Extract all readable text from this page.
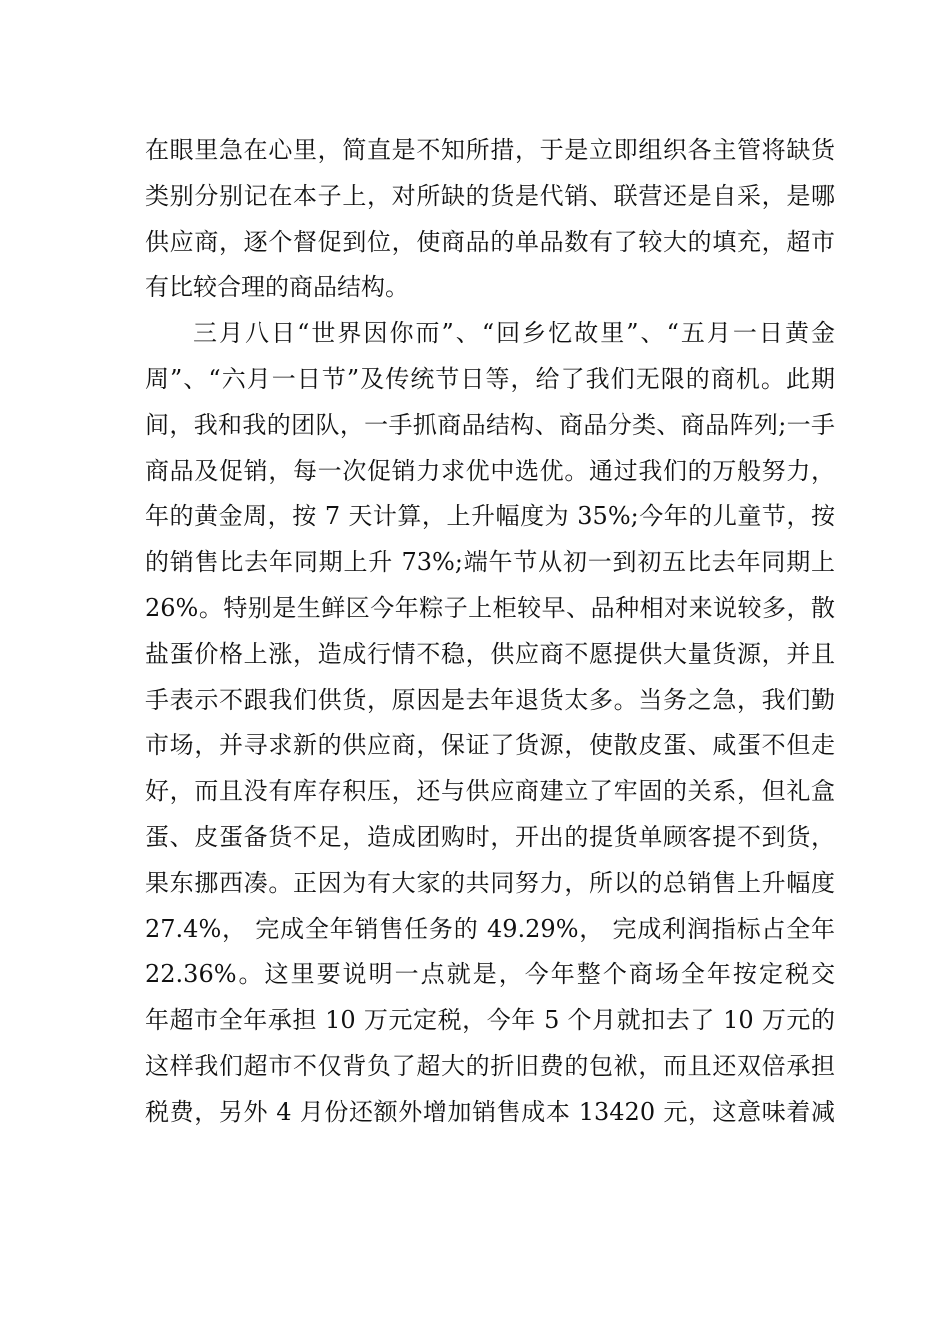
在眼里急在心里，简直是不知所措，于是立即组织各主管将缺货
类别分别记在本子上，对所缺的货是代销、联营还是自采，是哪
供应商，逐个督促到位，使商品的单品数有了较大的填充，超市
有比较合理的商品结构。
三月八日“世界因你而”、“回乡忆故里”、“五月一日黄金
周”、“六月一日节”及传统节日等，给了我们无限的商机。此期
间，我和我的团队，一手抓商品结构、商品分类、商品阵列;一手
商品及促销，每一次促销力求优中选优。通过我们的万般努力，
年的黄金周，按 7 天计算，上升幅度为 35%;今年的儿童节，按
的销售比去年同期上升 73%;端午节从初一到初五比去年同期上
26%。特别是生鲜区今年粽子上柜较早、品种相对来说较多，散
盐蛋价格上涨，造成行情不稳，供应商不愿提供大量货源，并且
手表示不跟我们供货，原因是去年退货太多。当务之急，我们勤
市场，并寻求新的供应商，保证了货源，使散皮蛋、咸蛋不但走
好，而且没有库存积压，还与供应商建立了牢固的关系，但礼盒
蛋、皮蛋备货不足，造成团购时，开出的提货单顾客提不到货，
果东挪西凑。正因为有大家的共同努力，所以的总销售上升幅度
27.4%， 完成全年销售任务的 49.29%， 完成利润指标占全年
22.36%。这里要说明一点就是，今年整个商场全年按定税交
年超市全年承担 10 万元定税，今年 5 个月就扣去了 10 万元的
这样我们超市不仅背负了超大的折旧费的包袱，而且还双倍承担
税费，另外 4 月份还额外增加销售成本 13420 元，这意味着减
